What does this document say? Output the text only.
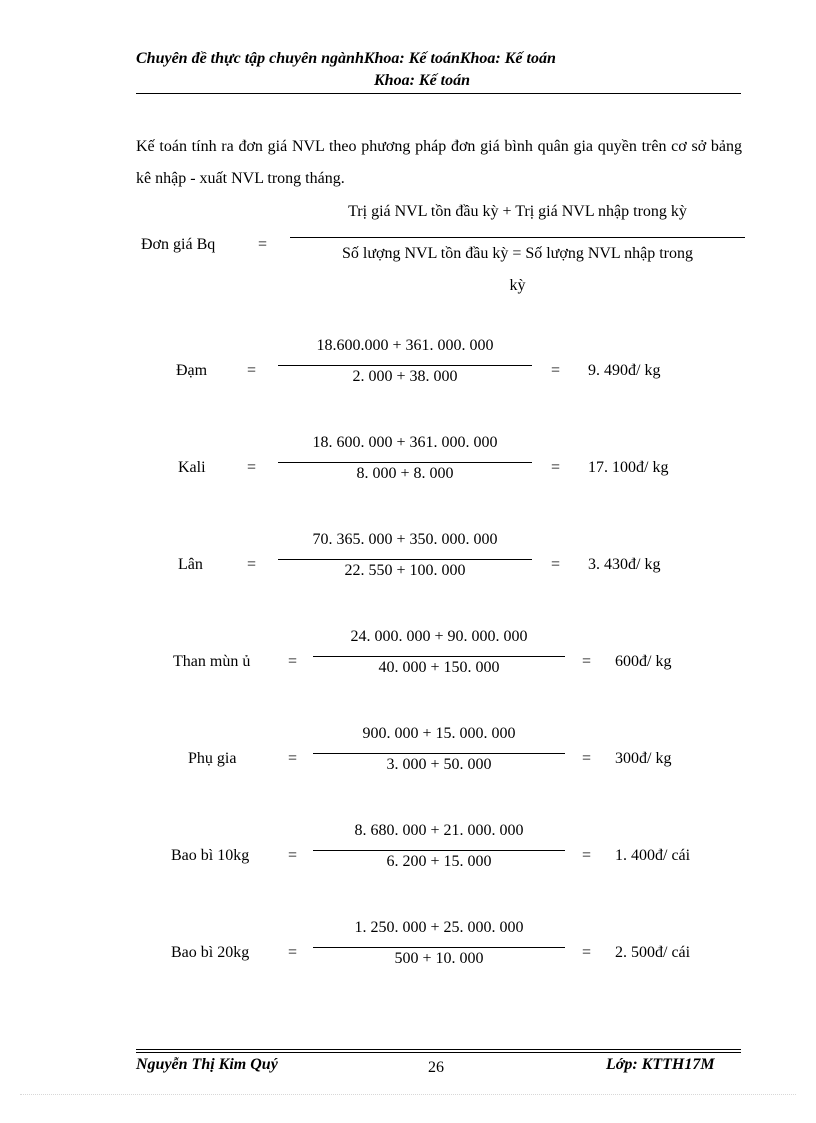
Chuyên đề thực tập chuyên ngànhKhoa: Kế toánKhoa: Kế toán
Khoa: Kế toán

Kế toán tính ra đơn giá NVL theo phương pháp đơn giá bình quân gia quyền trên cơ sở bảng kê nhập - xuất NVL trong tháng.

Đơn giá Bq	=
Trị giá NVL tồn đầu kỳ + Trị giá NVL nhập trong kỳ
Số lượng NVL tồn đầu kỳ = Số lượng NVL nhập trong
kỳ
Đạm =
18.600.000 + 361. 000. 000
2. 000 + 38. 000	= 9. 490đ/ kg
Kali	=
18. 600. 000 + 361. 000. 000
8. 000 + 8. 000	= 17. 100đ/ kg
Lân	=
70. 365. 000 + 350. 000. 000
22. 550 + 100. 000	= 3. 430đ/ kg
Than mùn ủ =
24. 000. 000 + 90. 000. 000
40. 000 + 150. 000	= 600đ/ kg
Phụ gia	=
900. 000 + 15. 000. 000
3. 000 + 50. 000	= 300đ/ kg
Bao bì 10kg =
8. 680. 000 + 21. 000. 000
6. 200 + 15. 000	= 1. 400đ/ cái
Bao bì 20kg =
1. 250. 000 + 25. 000. 000
500 + 10. 000	= 2. 500đ/ cái
Nguyễn Thị Kim Quý	26	Lớp: KTTH17M
